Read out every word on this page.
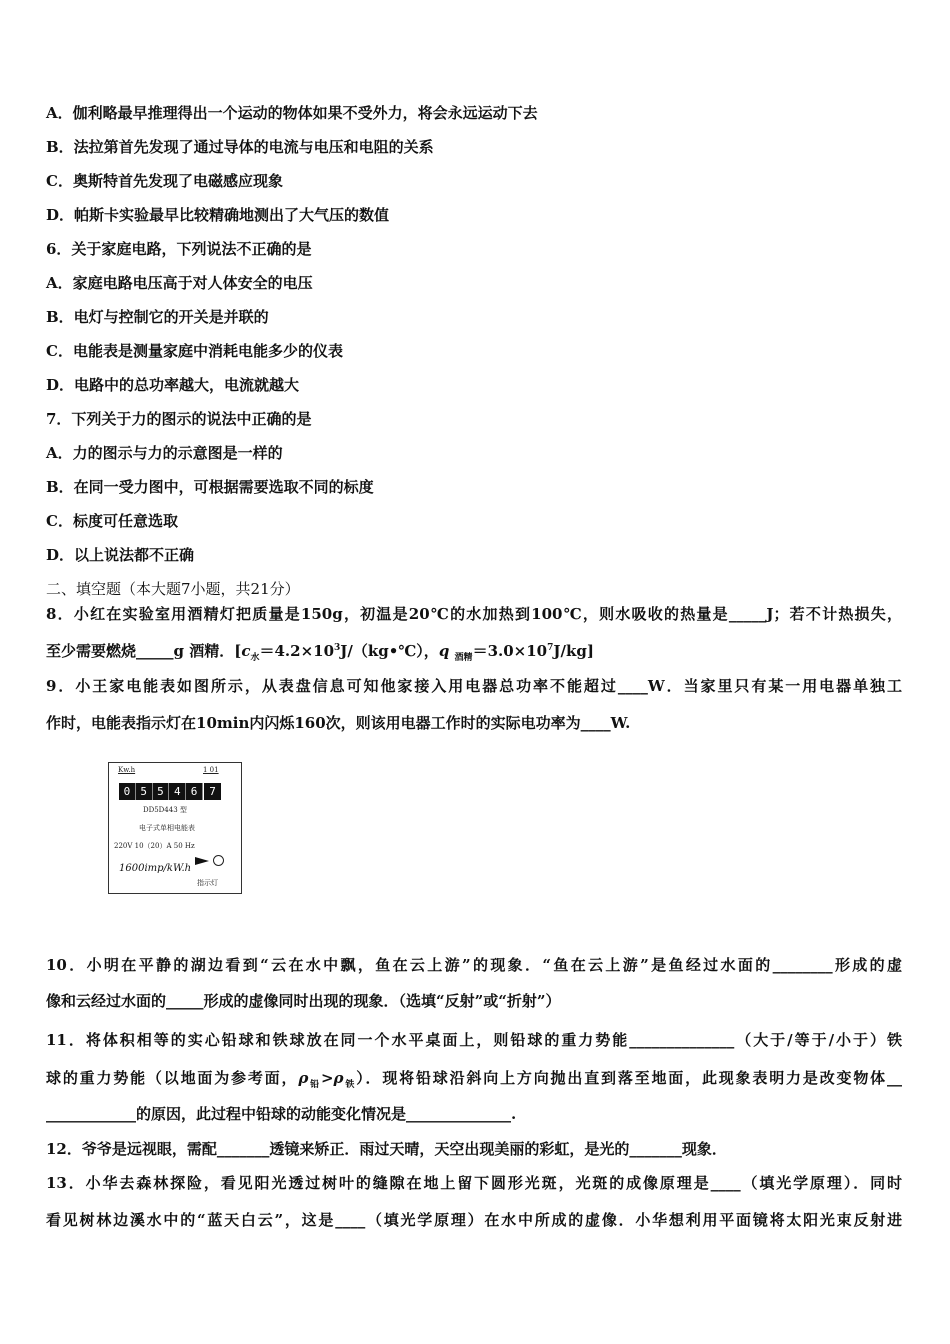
A．伽利略最早推理得出一个运动的物体如果不受外力，将会永远运动下去
B．法拉第首先发现了通过导体的电流与电压和电阻的关系
C．奥斯特首先发现了电磁感应现象
D．帕斯卡实验最早比较精确地测出了大气压的数值
6．关于家庭电路，下列说法不正确的是
A．家庭电路电压高于对人体安全的电压
B．电灯与控制它的开关是并联的
C．电能表是测量家庭中消耗电能多少的仪表
D．电路中的总功率越大，电流就越大
7．下列关于力的图示的说法中正确的是
A．力的图示与力的示意图是一样的
B．在同一受力图中，可根据需要选取不同的标度
C．标度可任意选取
D．以上说法都不正确
二、填空题（本大题7小题，共21分）
8．小红在实验室用酒精灯把质量是150g，初温是20℃的水加热到100℃，则水吸收的热量是_____J；若不计热损失，
至少需要燃烧_____g 酒精．[$c_水=4.2\times 10^3J/(kg•℃)$，q $_{酒精}=3.0\times 10^7J/kg$]
9．小王家电能表如图所示，从表盘信息可知他家接入用电器总功率不能超过____W．当家里只有某一用电器单独工
作时，电能表指示灯在10min内闪烁160次，则该用电器工作时的实际电功率为____W.
Kw.h	1 01
0 5 5 4 6	7
DD5D443 型
电子式单相电能表
220V 10（20）A 50 Hz
1600imp/kW.h
指示灯
10．小明在平静的湖边看到“云在水中飘，鱼在云上游”的现象．“鱼在云上游”是鱼经过水面的________形成的虚
像和云经过水面的_____形成的虚像同时出现的现象．（选填“反射”或“折射”）
11．将体积相等的实心铅球和铁球放在同一个水平桌面上，则铅球的重力势能______________（大于/等于/小于）铁
球的重力势能（以地面为参考面，$\rho_铅>\rho_铁$）．现将铅球沿斜向上方向抛出直到落至地面，此现象表明力是改变物体__
____________的原因，此过程中铅球的动能变化情况是______________.
12．爷爷是远视眼，需配_______透镜来矫正．雨过天晴，天空出现美丽的彩虹，是光的_______现象．
13．小华去森林探险，看见阳光透过树叶的缝隙在地上留下圆形光斑，光斑的成像原理是____（填光学原理）．同时
看见树林边溪水中的“蓝天白云”，这是____（填光学原理）在水中所成的虚像．小华想利用平面镜将太阳光束反射进
